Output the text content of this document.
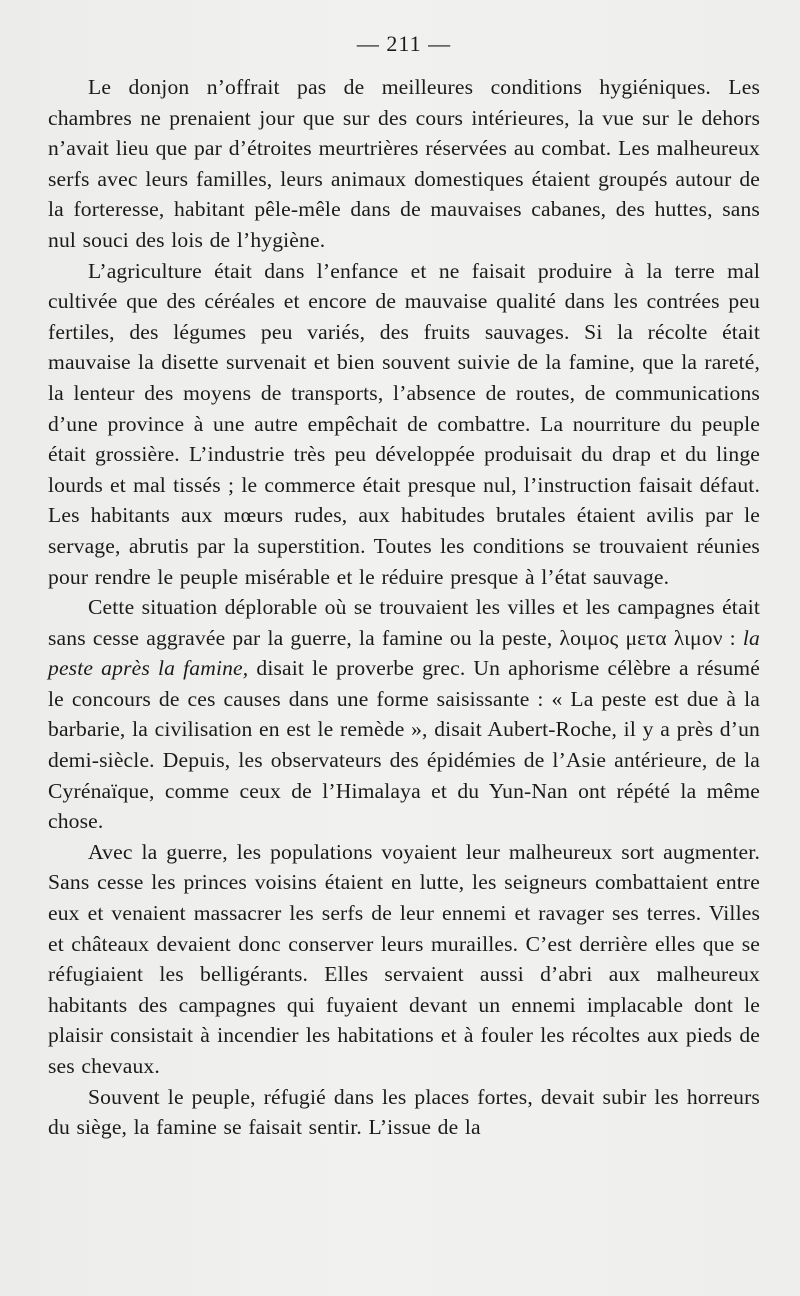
— 211 —

Le donjon n’offrait pas de meilleures conditions hygiéniques. Les chambres ne prenaient jour que sur des cours intérieures, la vue sur le dehors n’avait lieu que par d’étroites meurtrières réservées au combat. Les malheureux serfs avec leurs familles, leurs animaux domestiques étaient groupés autour de la forteresse, habitant pêle-mêle dans de mauvaises cabanes, des huttes, sans nul souci des lois de l’hygiène.

L’agriculture était dans l’enfance et ne faisait produire à la terre mal cultivée que des céréales et encore de mauvaise qualité dans les contrées peu fertiles, des légumes peu variés, des fruits sauvages. Si la récolte était mauvaise la disette survenait et bien souvent suivie de la famine, que la rareté, la lenteur des moyens de transports, l’absence de routes, de communications d’une province à une autre empêchait de combattre. La nourriture du peuple était grossière. L’industrie très peu développée produisait du drap et du linge lourds et mal tissés ; le commerce était presque nul, l’instruction faisait défaut. Les habitants aux mœurs rudes, aux habitudes brutales étaient avilis par le servage, abrutis par la superstition. Toutes les conditions se trouvaient réunies pour rendre le peuple misérable et le réduire presque à l’état sauvage.

Cette situation déplorable où se trouvaient les villes et les campagnes était sans cesse aggravée par la guerre, la famine ou la peste, λοιμος μετα λιμον : la peste après la famine, disait le proverbe grec. Un aphorisme célèbre a résumé le concours de ces causes dans une forme saisissante : « La peste est due à la barbarie, la civilisation en est le remède », disait Aubert-Roche, il y a près d’un demi-siècle. Depuis, les observateurs des épidémies de l’Asie antérieure, de la Cyrénaïque, comme ceux de l’Himalaya et du Yun-Nan ont répété la même chose.

Avec la guerre, les populations voyaient leur malheureux sort augmenter. Sans cesse les princes voisins étaient en lutte, les seigneurs combattaient entre eux et venaient massacrer les serfs de leur ennemi et ravager ses terres. Villes et châteaux devaient donc conserver leurs murailles. C’est derrière elles que se réfugiaient les belligérants. Elles servaient aussi d’abri aux malheureux habitants des campagnes qui fuyaient devant un ennemi implacable dont le plaisir consistait à incendier les habitations et à fouler les récoltes aux pieds de ses chevaux.

Souvent le peuple, réfugié dans les places fortes, devait subir les horreurs du siège, la famine se faisait sentir. L’issue de la
